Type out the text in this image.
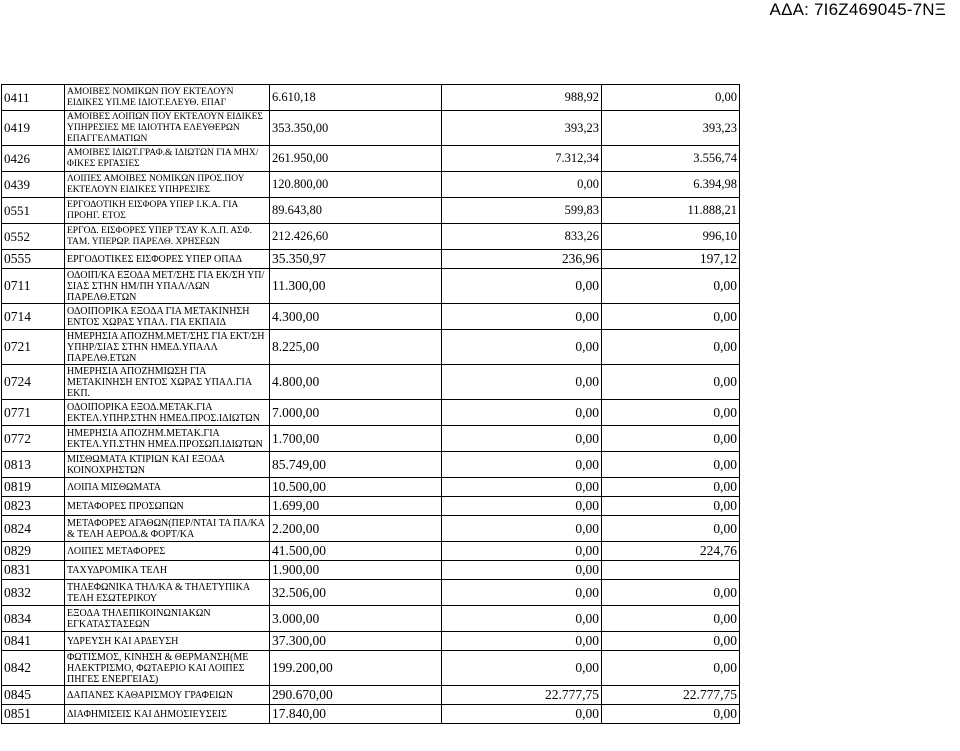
ΑΔΑ: 7Ι6Ζ469045-7ΝΞ
0411	ΑΜΟΙΒΕΣ ΝΟΜΙΚΩΝ ΠΟΥ ΕΚΤΕΛΟΥΝ ΕΙΔΙΚΕΣ ΥΠ.ΜΕ ΙΔΙΟΤ.ΕΛΕΥΘ. ΕΠΑΓ	6.610,18	988,92	0,00
0419	ΑΜΟΙΒΕΣ ΛΟΙΠΩΝ ΠΟΥ ΕΚΤΕΛΟΥΝ ΕΙΔΙΚΕΣ ΥΠΗΡΕΣΙΕΣ ΜΕ ΙΔΙΟΤΗΤΑ ΕΛΕΥΘΕΡΩΝ ΕΠΑΓΓΕΛΜΑΤΙΩΝ	353.350,00	393,23	393,23
0426	ΑΜΟΙΒΕΣ ΙΔΙΩΤ.ΓΡΑΦ.& ΙΔΙΩΤΩΝ ΓΙΑ ΜΗΧ/ΦΙΚΕΣ ΕΡΓΑΣΙΕΣ	261.950,00	7.312,34	3.556,74
0439	ΛΟΙΠΕΣ ΑΜΟΙΒΕΣ ΝΟΜΙΚΩΝ ΠΡΟΣ.ΠΟΥ ΕΚΤΕΛΟΥΝ ΕΙΔΙΚΕΣ ΥΠΗΡΕΣΙΕΣ	120.800,00	0,00	6.394,98
0551	ΕΡΓΟΔΟΤΙΚΗ ΕΙΣΦΟΡΑ ΥΠΕΡ Ι.Κ.Α. ΓΙΑ ΠΡΟΗΓ. ΕΤΟΣ	89.643,80	599,83	11.888,21
0552	ΕΡΓΟΔ. ΕΙΣΦΟΡΕΣ ΥΠΕΡ ΤΣΑΥ Κ.Λ.Π. ΑΣΦ. ΤΑΜ. ΥΠΕΡΩΡ. ΠΑΡΕΛΘ. ΧΡΗΣΕΩΝ	212.426,60	833,26	996,10
0555	ΕΡΓΟΔΟΤΙΚΕΣ ΕΙΣΦΟΡΕΣ ΥΠΕΡ ΟΠΑΔ	35.350,97	236,96	197,12
0711	ΟΔΟΙΠ/ΚΑ ΕΞΟΔΑ ΜΕΤ/ΣΗΣ ΓΙΑ ΕΚ/ΣΗ ΥΠ/ΣΙΑΣ ΣΤΗΝ ΗΜ/ΠΗ ΥΠΑΛ/ΛΩΝ ΠΑΡΕΛΘ.ΕΤΩΝ	11.300,00	0,00	0,00
0714	ΟΔΟΙΠΟΡΙΚΑ ΕΞΟΔΑ ΓΙΑ ΜΕΤΑΚΙΝΗΣΗ ΕΝΤΟΣ ΧΩΡΑΣ ΥΠΑΛ. ΓΙΑ ΕΚΠΑΙΔ	4.300,00	0,00	0,00
0721	ΗΜΕΡΗΣΙΑ ΑΠΟΖΗΜ.ΜΕΤ/ΣΗΣ ΓΙΑ ΕΚΤ/ΣΗ ΥΠΗΡ/ΣΙΑΣ ΣΤΗΝ ΗΜΕΔ.ΥΠΑΛΛ ΠΑΡΕΛΘ.ΕΤΩΝ	8.225,00	0,00	0,00
0724	ΗΜΕΡΗΣΙΑ ΑΠΟΖΗΜΙΩΣΗ ΓΙΑ ΜΕΤΑΚΙΝΗΣΗ ΕΝΤΟΣ ΧΩΡΑΣ ΥΠΑΛ.ΓΙΑ ΕΚΠ.	4.800,00	0,00	0,00
0771	ΟΔΟΙΠΟΡΙΚΑ ΕΞΟΔ.ΜΕΤΑΚ.ΓΙΑ ΕΚΤΕΛ.ΥΠΗΡ.ΣΤΗΝ ΗΜΕΔ.ΠΡΟΣ.ΙΔΙΩΤΩΝ	7.000,00	0,00	0,00
0772	ΗΜΕΡΗΣΙΑ ΑΠΟΖΗΜ.ΜΕΤΑΚ.ΓΙΑ ΕΚΤΕΛ.ΥΠ.ΣΤΗΝ ΗΜΕΔ.ΠΡΟΣΩΠ.ΙΔΙΩΤΩΝ	1.700,00	0,00	0,00
0813	ΜΙΣΘΩΜΑΤΑ ΚΤΙΡΙΩΝ ΚΑΙ ΕΞΟΔΑ ΚΟΙΝΟΧΡΗΣΤΩΝ	85.749,00	0,00	0,00
0819	ΛΟΙΠΑ ΜΙΣΘΩΜΑΤΑ	10.500,00	0,00	0,00
0823	ΜΕΤΑΦΟΡΕΣ ΠΡΟΣΩΠΩΝ	1.699,00	0,00	0,00
0824	ΜΕΤΑΦΟΡΕΣ ΑΓΑΘΩΝ(ΠΕΡ/ΝΤΑΙ ΤΑ ΠΛ/ΚΑ & ΤΕΛΗ ΑΕΡΟΔ.& ΦΟΡΤ/ΚΑ	2.200,00	0,00	0,00
0829	ΛΟΙΠΕΣ ΜΕΤΑΦΟΡΕΣ	41.500,00	0,00	224,76
0831	ΤΑΧΥΔΡΟΜΙΚΑ ΤΕΛΗ	1.900,00	0,00	
0832	ΤΗΛΕΦΩΝΙΚΑ ΤΗΛ/ΚΑ & ΤΗΛΕΤΥΠΙΚΑ ΤΕΛΗ ΕΣΩΤΕΡΙΚΟΥ	32.506,00	0,00	0,00
0834	ΕΞΟΔΑ ΤΗΛΕΠΙΚΟΙΝΩΝΙΑΚΩΝ ΕΓΚΑΤΑΣΤΑΣΕΩΝ	3.000,00	0,00	0,00
0841	ΥΔΡΕΥΣΗ ΚΑΙ ΑΡΔΕΥΣΗ	37.300,00	0,00	0,00
0842	ΦΩΤΙΣΜΟΣ, ΚΙΝΗΣΗ & ΘΕΡΜΑΝΣΗ(ΜΕ ΗΛΕΚΤΡΙΣΜΟ, ΦΩΤΑΕΡΙΟ ΚΑΙ ΛΟΙΠΕΣ ΠΗΓΕΣ ΕΝΕΡΓΕΙΑΣ)	199.200,00	0,00	0,00
0845	ΔΑΠΑΝΕΣ ΚΑΘΑΡΙΣΜΟΥ ΓΡΑΦΕΙΩΝ	290.670,00	22.777,75	22.777,75
0851	ΔΙΑΦΗΜΙΣΕΙΣ ΚΑΙ ΔΗΜΟΣΙΕΥΣΕΙΣ	17.840,00	0,00	0,00
